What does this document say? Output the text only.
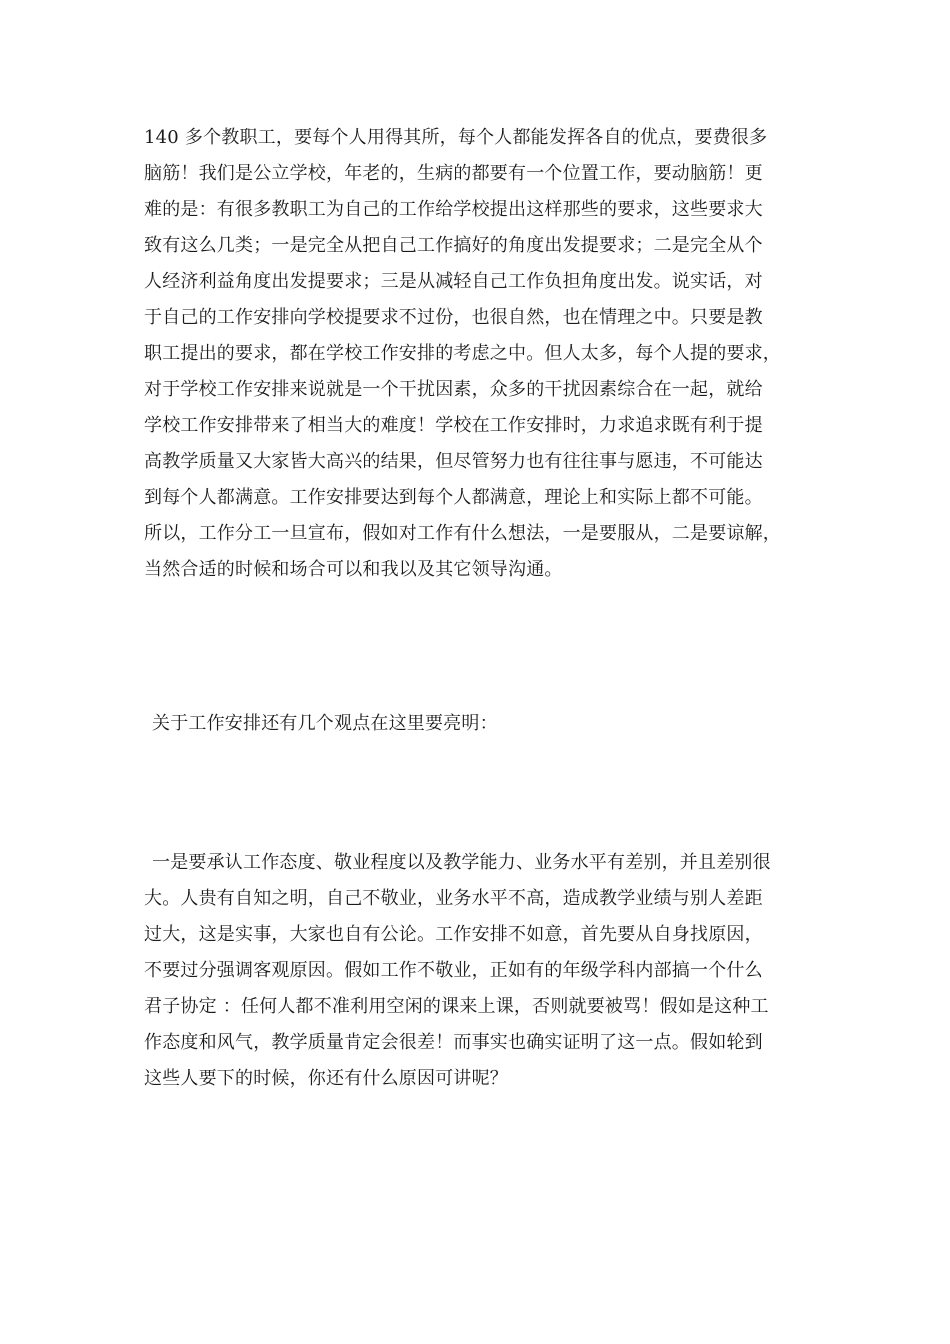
140 多个教职工，要每个人用得其所，每个人都能发挥各自的优点，要费很多
脑筋！我们是公立学校，年老的，生病的都要有一个位置工作，要动脑筋！更
难的是：有很多教职工为自己的工作给学校提出这样那些的要求，这些要求大
致有这么几类；一是完全从把自己工作搞好的角度出发提要求；二是完全从个
人经济利益角度出发提要求；三是从减轻自己工作负担角度出发。说实话，对
于自己的工作安排向学校提要求不过份，也很自然，也在情理之中。只要是教
职工提出的要求，都在学校工作安排的考虑之中。但人太多，每个人提的要求，
对于学校工作安排来说就是一个干扰因素，众多的干扰因素综合在一起，就给
学校工作安排带来了相当大的难度！学校在工作安排时，力求追求既有利于提
高教学质量又大家皆大高兴的结果，但尽管努力也有往往事与愿违，不可能达
到每个人都满意。工作安排要达到每个人都满意，理论上和实际上都不可能。
所以，工作分工一旦宣布，假如对工作有什么想法，一是要服从，二是要谅解，
当然合适的时候和场合可以和我以及其它领导沟通。
关于工作安排还有几个观点在这里要亮明：
一是要承认工作态度、敬业程度以及教学能力、业务水平有差别，并且差别很
大。人贵有自知之明，自己不敬业，业务水平不高，造成教学业绩与别人差距
过大，这是实事，大家也自有公论。工作安排不如意，首先要从自身找原因，
不要过分强调客观原因。假如工作不敬业，正如有的年级学科内部搞一个什么
君子协定 ：任何人都不准利用空闲的课来上课，否则就要被骂！假如是这种工
作态度和风气，教学质量肯定会很差！而事实也确实证明了这一点。假如轮到
这些人要下的时候，你还有什么原因可讲呢？
